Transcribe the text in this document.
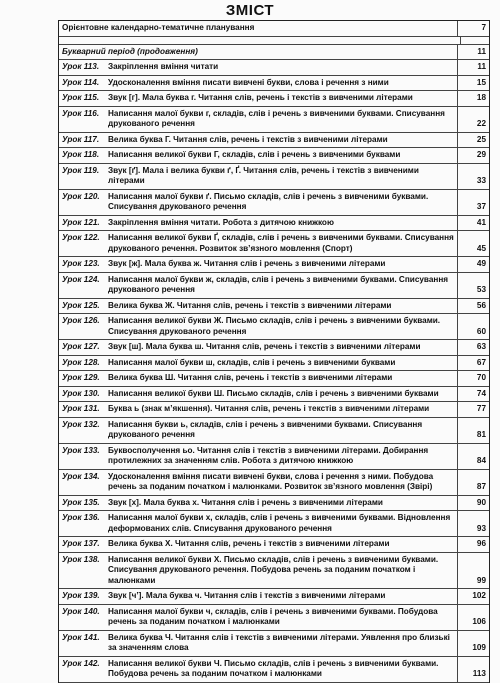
ЗМІСТ
Орієнтовне календарно-тематичне планування	7
Букварний період (продовження)	11
Урок 113.	Закріплення вміння читати	11
Урок 114.	Удосконалення вміння писати вивчені букви, слова і речення з ними	15
Урок 115.	Звук [г]. Мала буква г. Читання слів, речень і текстів з вивченими літерами	18
Урок 116.	Написання малої букви г, складів, слів і речень з вивченими буквами. Списування друкованого речення	22
Урок 117.	Велика буква Г. Читання слів, речень і текстів з вивченими літерами	25
Урок 118.	Написання великої букви Г, складів, слів і речень з вивченими буквами	29
Урок 119.	Звук [ґ]. Мала і велика букви ґ, Ґ. Читання слів, речень і текстів з вивченими літерами	33
Урок 120.	Написання малої букви ґ. Письмо складів, слів і речень з вивченими буквами. Списування друкованого речення	37
Урок 121.	Закріплення вміння читати. Робота з дитячою книжкою	41
Урок 122.	Написання великої букви Ґ, складів, слів і речень з вивченими буквами. Списування друкованого речення. Розвиток зв’язного мовлення (Спорт)	45
Урок 123.	Звук [ж]. Мала буква ж. Читання слів і речень з вивченими літерами	49
Урок 124.	Написання малої букви ж, складів, слів і речень з вивченими буквами. Списування друкованого речення	53
Урок 125.	Велика буква Ж. Читання слів, речень і текстів з вивченими літерами	56
Урок 126.	Написання великої букви Ж. Письмо складів, слів і речень з вивченими буквами. Списування друкованого речення	60
Урок 127.	Звук [ш]. Мала буква ш. Читання слів, речень і текстів з вивченими літерами	63
Урок 128.	Написання малої букви ш, складів, слів і речень з вивченими буквами	67
Урок 129.	Велика буква Ш. Читання слів, речень і текстів з вивченими літерами	70
Урок 130.	Написання великої букви Ш. Письмо складів, слів і речень з вивченими буквами	74
Урок 131.	Буква ь (знак м’якшення). Читання слів, речень і текстів з вивченими літерами	77
Урок 132.	Написання букви ь, складів, слів і речень з вивченими буквами. Списування друкованого речення	81
Урок 133.	Буквосполучення ьо. Читання слів і текстів з вивченими літерами. Добирання протилежних за значенням слів. Робота з дитячою книжкою	84
Урок 134.	Удосконалення вміння писати вивчені букви, слова і речення з ними. Побудова речень за поданим початком і малюнками. Розвиток зв’язного мовлення (Звірі)	87
Урок 135.	Звук [х]. Мала буква х. Читання слів і речень з вивченими літерами	90
Урок 136.	Написання малої букви х, складів, слів і речень з вивченими буквами. Відновлення деформованих слів. Списування друкованого речення	93
Урок 137.	Велика буква Х. Читання слів, речень і текстів з вивченими літерами	96
Урок 138.	Написання великої букви Х. Письмо складів, слів і речень з вивченими буквами. Списування друкованого речення. Побудова речень за поданим початком і малюнками	99
Урок 139.	Звук [ч’]. Мала буква ч. Читання слів і текстів з вивченими літерами	102
Урок 140.	Написання малої букви ч, складів, слів і речень з вивченими буквами. Побудова речень за поданим початком і малюнками	106
Урок 141.	Велика буква Ч. Читання слів і текстів з вивченими літерами. Уявлення про близькі за значенням слова	109
Урок 142.	Написання великої букви Ч. Письмо складів, слів і речень з вивченими буквами. Побудова речень за поданим початком і малюнками	113
